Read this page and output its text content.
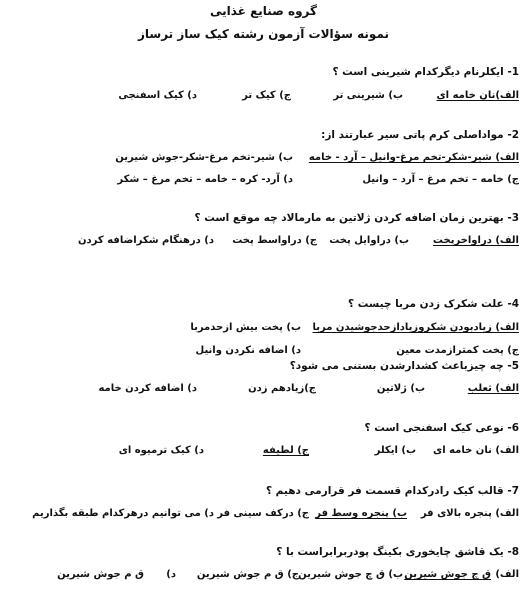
گروه صنایع غذایی
نمونه سؤالات آزمون رشته کیک ساز ترساز
1- ایکلرنام دیگرکدام شیرینی است ؟
الف)نان خامه ای
ب) شیرینی تر
ج) کیک تر
د) کیک اسفنجی
2- مواداصلی کرم پاتی سیر عبارتند از:
الف) شیر-شکر-تخم مرغ-وانیل – آرد - خامه
ب) شیر-تخم مرغ-شکر-جوش شیرین
ج) خامه – تخم مرغ – آرد – وانیل
د) آرد- کره – خامه – تخم مرغ – شکر
3- بهترین زمان اضافه کردن ژلاتین به مارمالاد چه موقع است ؟
الف) دراواخرپخت
ب) دراوایل پخت
ج) دراواسط پخت
د) درهنگام شکراضافه کردن
4- علت شکرک زدن مربا چیست ؟
الف) زیادبودن شکروزیادازحدجوشیدن مربا
ب) پخت بیش ازحدمربا
ج) پخت کمترازمدت معین
د) اضافه نکردن وانیل
5- چه چیزباعث کشدارشدن بستنی می شود؟
الف) ثعلب
ب) ژلاتین
ج)زیادهم زدن
د) اضافه کردن خامه
6- نوعی کیک اسفنجی است ؟
الف) نان خامه ای
ب) ایکلر
ج) لطیفه
د) کیک ترمیوه ای
7- قالب کیک رادرکدام قسمت فر قرارمی دهیم ؟
الف) پنجره بالای فر
ب) پنجره وسط فر
ج) درکف سینی فر
د) می توانیم درهرکدام طبقه بگذاریم
8- یک قاشق چایخوری بکینگ پودربرابراست با ؟
الف)
ق چ جوش شیرین
ب) ق چ جوش شیرین
ج) ق م جوش شیرین
د)
ق م جوش شیرین
